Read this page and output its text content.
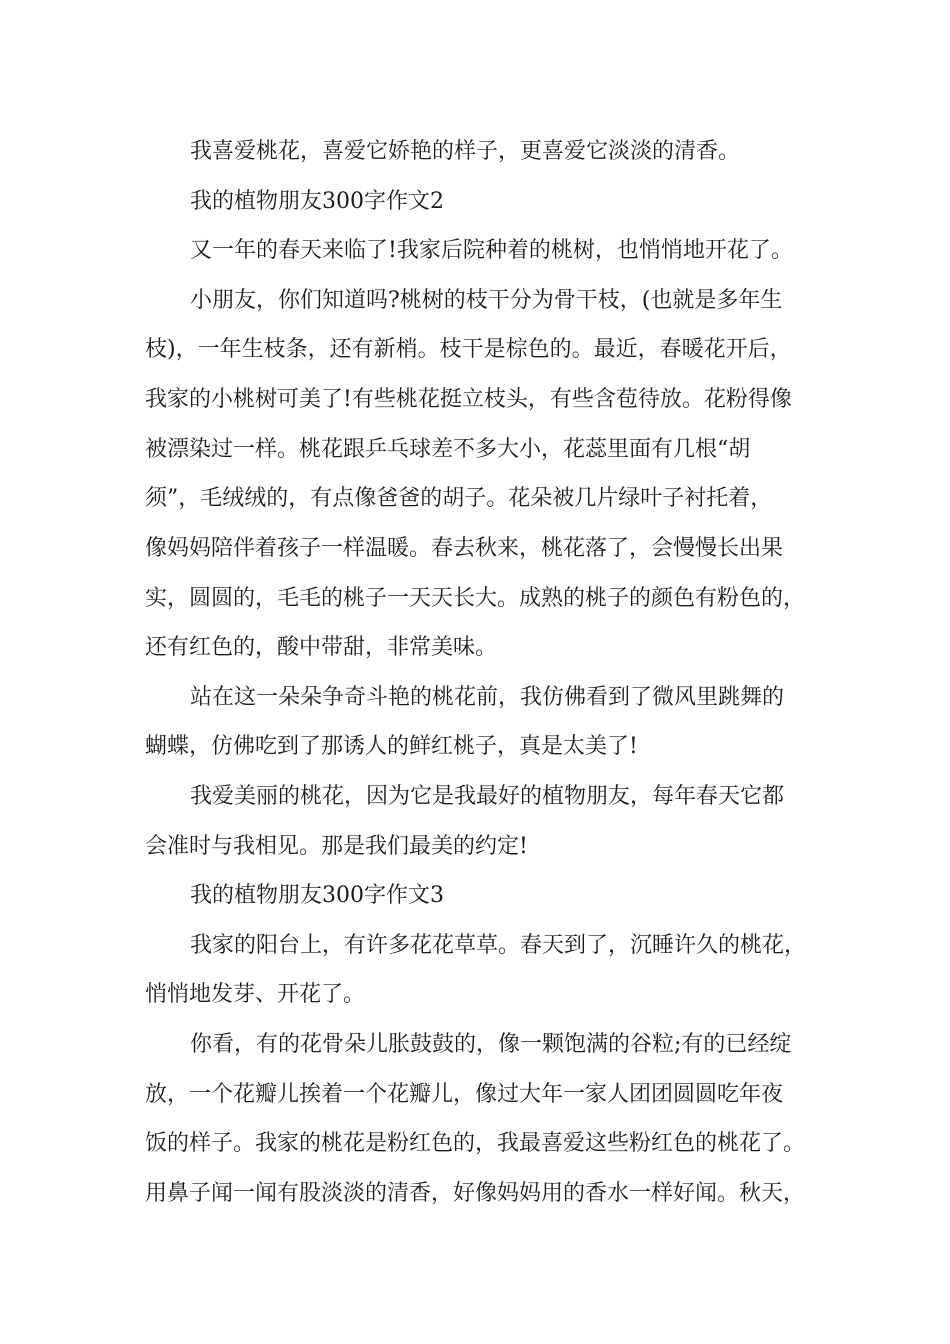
我喜爱桃花，喜爱它娇艳的样子，更喜爱它淡淡的清香。
我的植物朋友300字作文2
又一年的春天来临了!我家后院种着的桃树，也悄悄地开花了。
小朋友，你们知道吗?桃树的枝干分为骨干枝，(也就是多年生
枝)，一年生枝条，还有新梢。枝干是棕色的。最近，春暖花开后，
我家的小桃树可美了!有些桃花挺立枝头，有些含苞待放。花粉得像
被漂染过一样。桃花跟乒乓球差不多大小，花蕊里面有几根“胡
须”，毛绒绒的，有点像爸爸的胡子。花朵被几片绿叶子衬托着，
像妈妈陪伴着孩子一样温暖。春去秋来，桃花落了，会慢慢长出果
实，圆圆的，毛毛的桃子一天天长大。成熟的桃子的颜色有粉色的，
还有红色的，酸中带甜，非常美味。
站在这一朵朵争奇斗艳的桃花前，我仿佛看到了微风里跳舞的
蝴蝶，仿佛吃到了那诱人的鲜红桃子，真是太美了!
我爱美丽的桃花，因为它是我最好的植物朋友，每年春天它都
会准时与我相见。那是我们最美的约定!
我的植物朋友300字作文3
我家的阳台上，有许多花花草草。春天到了，沉睡许久的桃花，
悄悄地发芽、开花了。
你看，有的花骨朵儿胀鼓鼓的，像一颗饱满的谷粒;有的已经绽
放，一个花瓣儿挨着一个花瓣儿，像过大年一家人团团圆圆吃年夜
饭的样子。我家的桃花是粉红色的，我最喜爱这些粉红色的桃花了。
用鼻子闻一闻有股淡淡的清香，好像妈妈用的香水一样好闻。秋天，
